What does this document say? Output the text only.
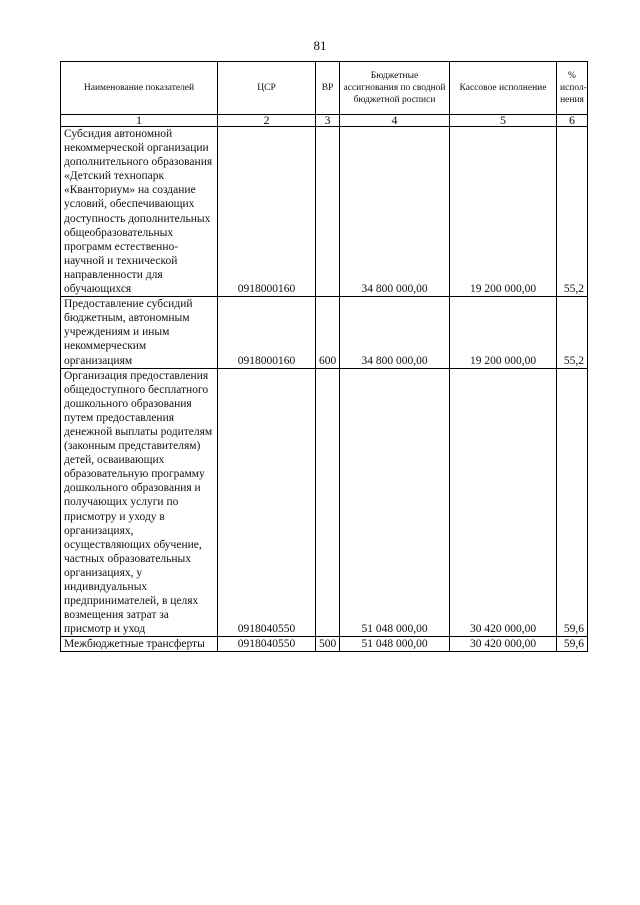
81
Наименование показателей	ЦСР	ВР	Бюджетные ассигнования по сводной бюджетной росписи	Кассовое исполнение	% испол-нения
1	2	3	4	5	6
Субсидия автономной некоммерческой организации дополнительного образования «Детский технопарк «Кванториум» на создание условий, обеспечивающих доступность дополнительных общеобразовательных программ естественно-научной и технической направленности для обучающихся	0918000160		34 800 000,00	19 200 000,00	55,2
Предоставление субсидий бюджетным, автономным учреждениям и иным некоммерческим организациям	0918000160	600	34 800 000,00	19 200 000,00	55,2
Организация предоставления общедоступного бесплатного дошкольного образования путем предоставления денежной выплаты родителям (законным представителям) детей, осваивающих образовательную программу дошкольного образования и получающих услуги по присмотру и уходу в организациях, осуществляющих обучение, частных образовательных организациях, у индивидуальных предпринимателей, в целях возмещения затрат за присмотр и уход	0918040550		51 048 000,00	30 420 000,00	59,6
Межбюджетные трансферты	0918040550	500	51 048 000,00	30 420 000,00	59,6
